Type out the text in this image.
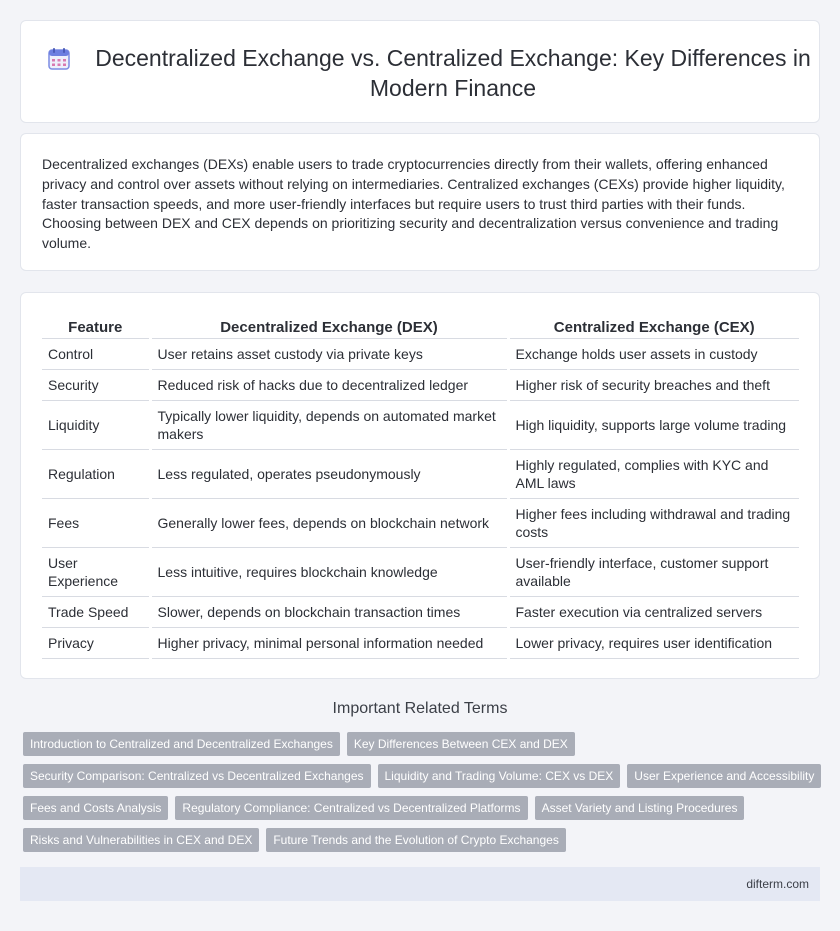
Decentralized Exchange vs. Centralized Exchange: Key Differences in Modern Finance

Decentralized exchanges (DEXs) enable users to trade cryptocurrencies directly from their wallets, offering enhanced privacy and control over assets without relying on intermediaries. Centralized exchanges (CEXs) provide higher liquidity, faster transaction speeds, and more user-friendly interfaces but require users to trust third parties with their funds. Choosing between DEX and CEX depends on prioritizing security and decentralization versus convenience and trading volume.

Feature	Decentralized Exchange (DEX)	Centralized Exchange (CEX)
Control	User retains asset custody via private keys	Exchange holds user assets in custody
Security	Reduced risk of hacks due to decentralized ledger	Higher risk of security breaches and theft
Liquidity	Typically lower liquidity, depends on automated market makers	High liquidity, supports large volume trading
Regulation	Less regulated, operates pseudonymously	Highly regulated, complies with KYC and AML laws
Fees	Generally lower fees, depends on blockchain network	Higher fees including withdrawal and trading costs
User Experience	Less intuitive, requires blockchain knowledge	User-friendly interface, customer support available
Trade Speed	Slower, depends on blockchain transaction times	Faster execution via centralized servers
Privacy	Higher privacy, minimal personal information needed	Lower privacy, requires user identification
Important Related Terms
Introduction to Centralized and Decentralized Exchanges	Key Differences Between CEX and DEX
Security Comparison: Centralized vs Decentralized Exchanges	Liquidity and Trading Volume: CEX vs DEX	User Experience and Accessibility
Fees and Costs Analysis	Regulatory Compliance: Centralized vs Decentralized Platforms	Asset Variety and Listing Procedures
Risks and Vulnerabilities in CEX and DEX	Future Trends and the Evolution of Crypto Exchanges
difterm.com
